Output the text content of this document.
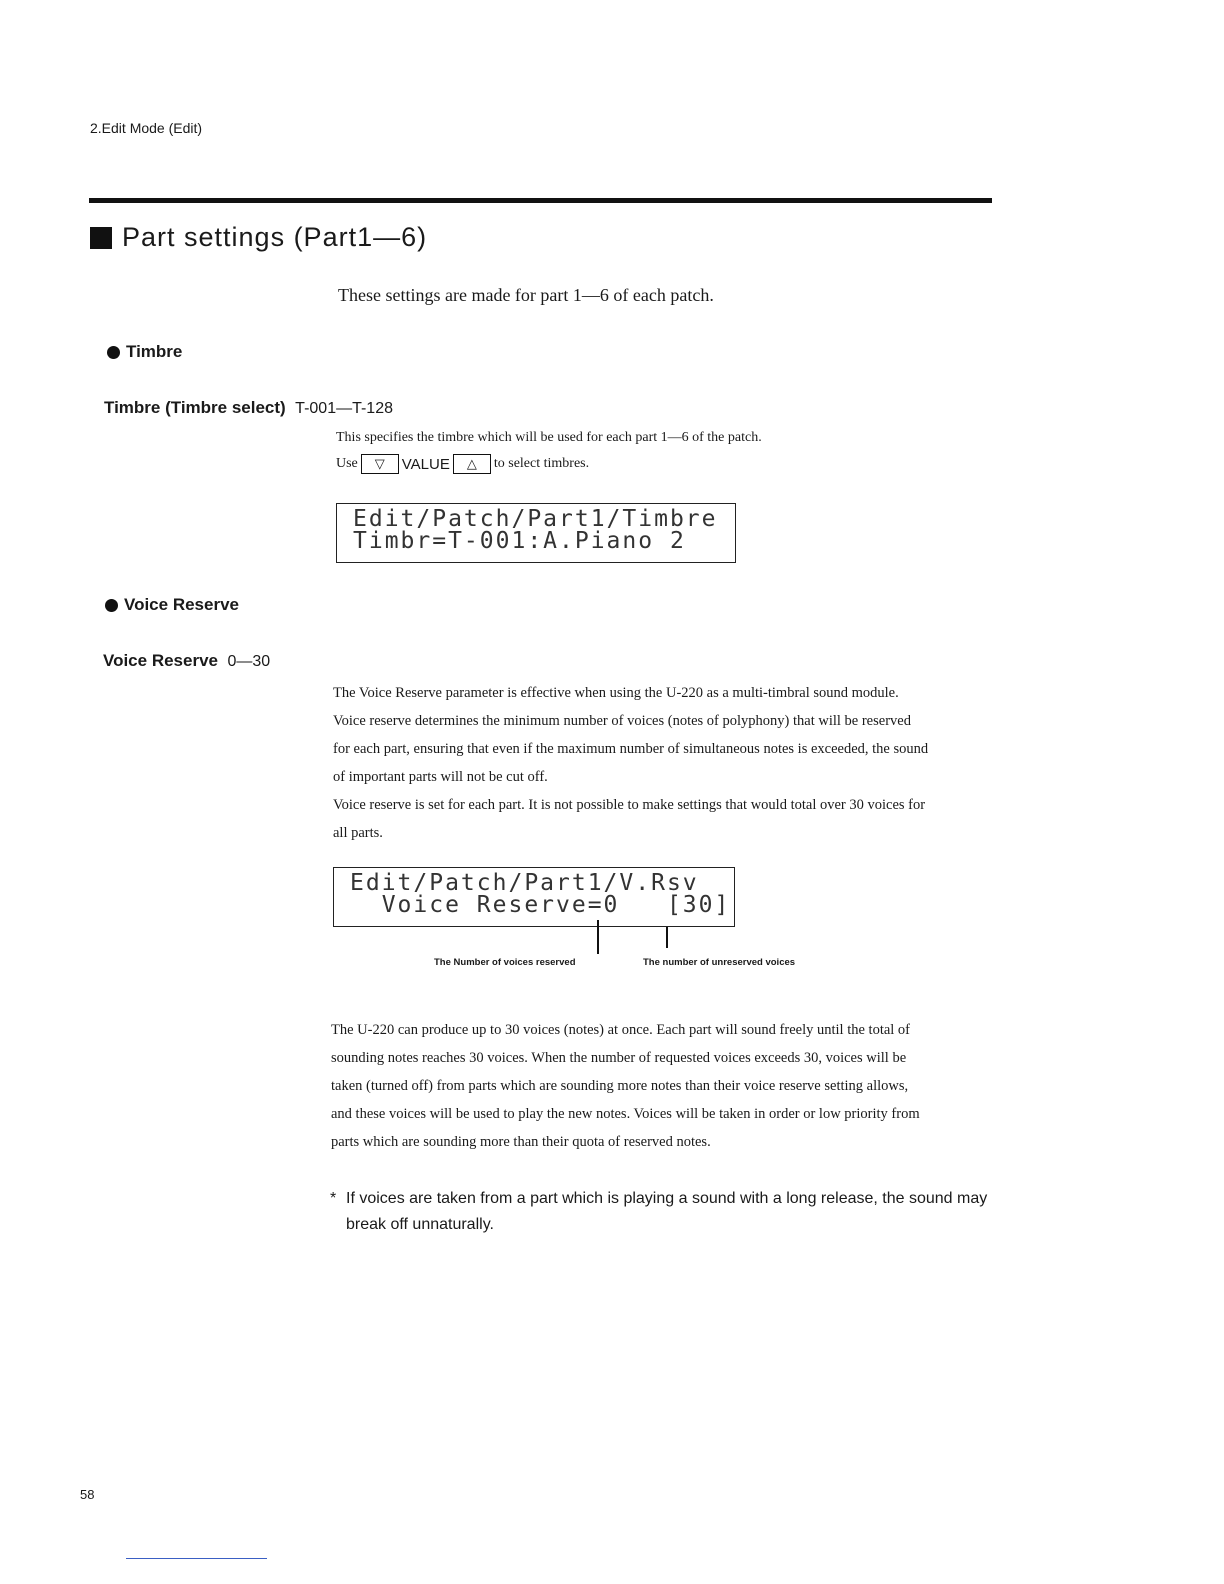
2.Edit Mode (Edit)
Part settings (Part1—6)
These settings are made for part 1—6 of each patch.
Timbre
Timbre (Timbre select) T-001—T-128
This specifies the timbre which will be used for each part 1—6 of the patch.
Use	▽	VALUE	△	to select timbres.
Edit/Patch/Part1/Timbre
Timbr=T-001:A.Piano 2
Voice Reserve
Voice Reserve 0—30
The Voice Reserve parameter is effective when using the U-220 as a multi-timbral sound module.
Voice reserve determines the minimum number of voices (notes of polyphony) that will be reserved
for each part, ensuring that even if the maximum number of simultaneous notes is exceeded, the sound
of important parts will not be cut off.
Voice reserve is set for each part. It is not possible to make settings that would total over 30 voices for
all parts.
Edit/Patch/Part1/V.Rsv
Voice Reserve=0   [30]
The Number of voices reserved	The number of unreserved voices
The U-220 can produce up to 30 voices (notes) at once. Each part will sound freely until the total of
sounding notes reaches 30 voices. When the number of requested voices exceeds 30, voices will be
taken (turned off) from parts which are sounding more notes than their voice reserve setting allows,
and these voices will be used to play the new notes. Voices will be taken in order or low priority from
parts which are sounding more than their quota of reserved notes.
* If voices are taken from a part which is playing a sound with a long release, the sound may break off unnaturally.
58
